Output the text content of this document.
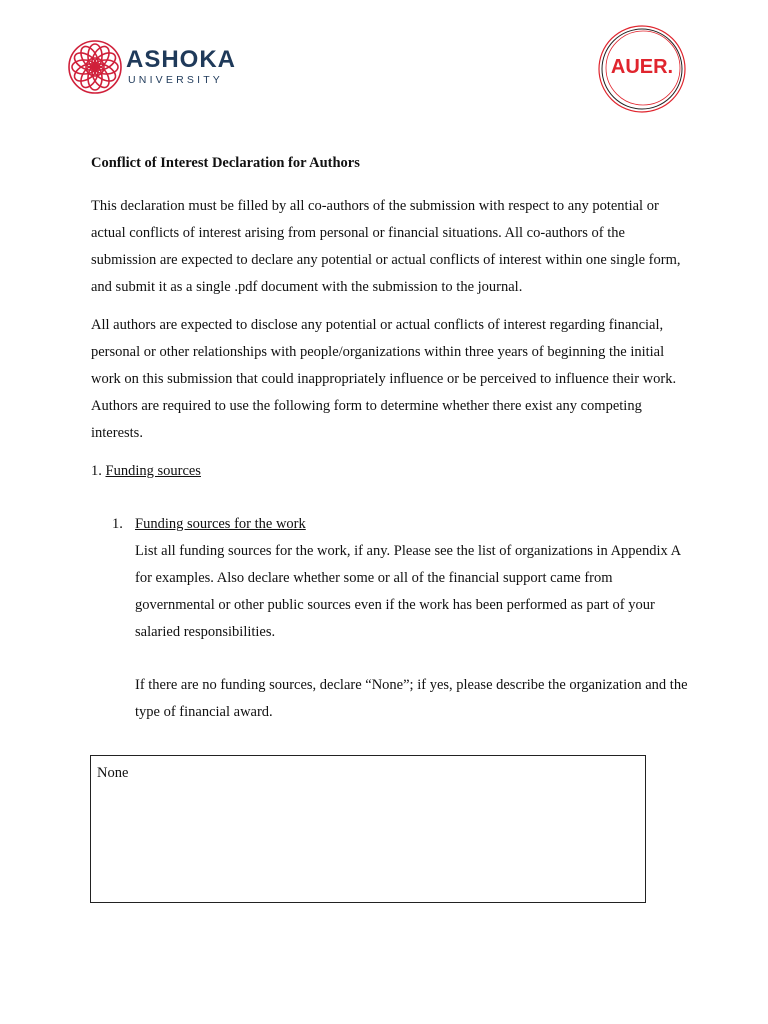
ASHOKA
UNIVERSITY
AUER.
Conflict of Interest Declaration for Authors

This declaration must be filled by all co-authors of the submission with respect to any potential or actual conflicts of interest arising from personal or financial situations. All co-authors of the submission are expected to declare any potential or actual conflicts of interest within one single form, and submit it as a single .pdf document with the submission to the journal.

All authors are expected to disclose any potential or actual conflicts of interest regarding financial, personal or other relationships with people/organizations within three years of beginning the initial work on this submission that could inappropriately influence or be perceived to influence their work. Authors are required to use the following form to determine whether there exist any competing interests.

1. Funding sources
1. Funding sources for the work

List all funding sources for the work, if any. Please see the list of organizations in Appendix A for examples. Also declare whether some or all of the financial support came from governmental or other public sources even if the work has been performed as part of your salaried responsibilities.

If there are no funding sources, declare “None”; if yes, please describe the organization and the type of financial award.

None
